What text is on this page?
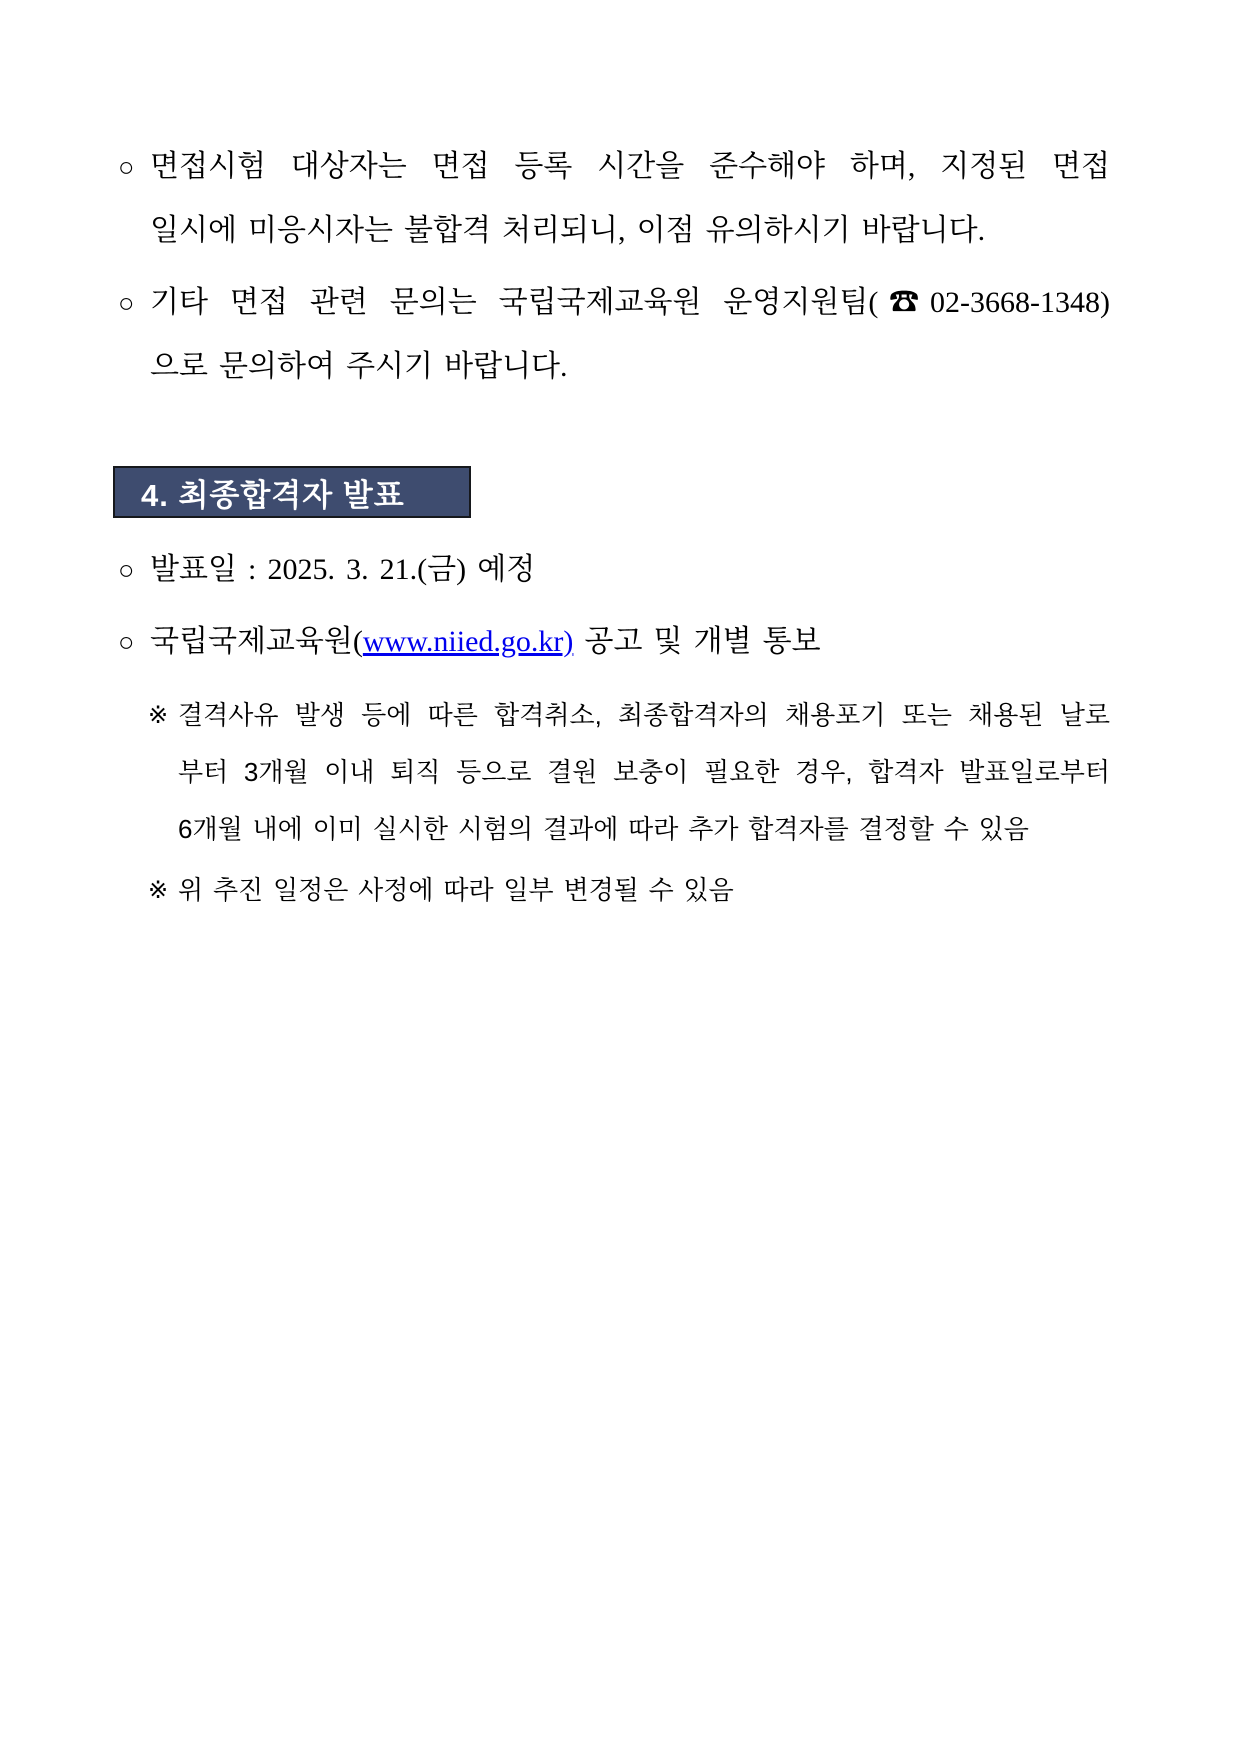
○ 면접시험 대상자는 면접 등록 시간을 준수해야 하며, 지정된 면접
일시에 미응시자는 불합격 처리되니, 이점 유의하시기 바랍니다.
○ 기타 면접 관련 문의는 국립국제교육원 운영지원팀(☎02-3668-1348)
으로 문의하여 주시기 바랍니다.
4. 최종합격자 발표
○ 발표일 : 2025. 3. 21.(금) 예정
○ 국립국제교육원(www.niied.go.kr) 공고 및 개별 통보
※ 결격사유 발생 등에 따른 합격취소, 최종합격자의 채용포기 또는 채용된 날로
부터 3개월 이내 퇴직 등으로 결원 보충이 필요한 경우, 합격자 발표일로부터
6개월 내에 이미 실시한 시험의 결과에 따라 추가 합격자를 결정할 수 있음
※ 위 추진 일정은 사정에 따라 일부 변경될 수 있음
